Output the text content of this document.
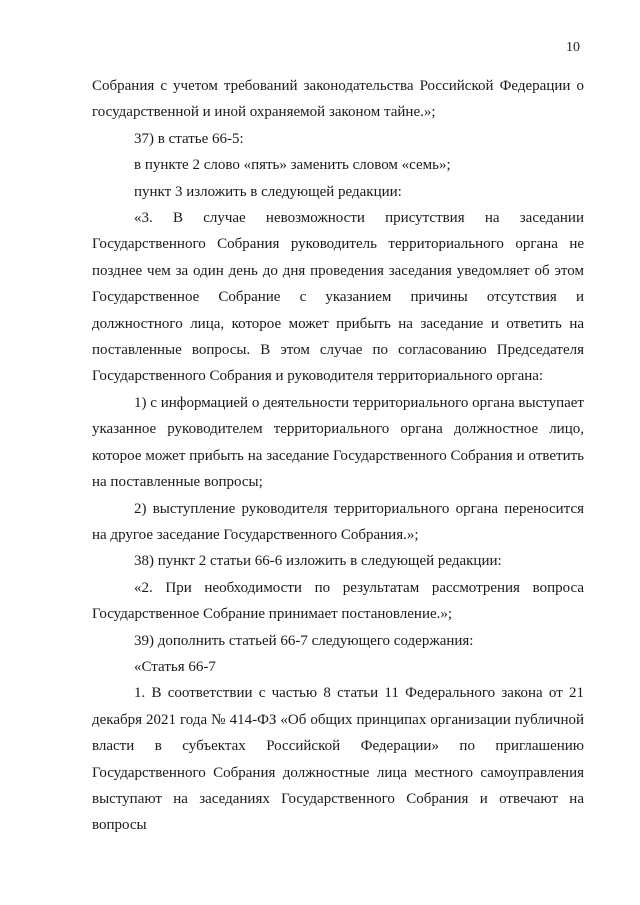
10

Собрания с учетом требований законодательства Российской Федерации о государственной и иной охраняемой законом тайне.»;

37) в статье 66-5:

в пункте 2 слово «пять» заменить словом «семь»;

пункт 3 изложить в следующей редакции:

«3. В случае невозможности присутствия на заседании Государственного Собрания руководитель территориального органа не позднее чем за один день до дня проведения заседания уведомляет об этом Государственное Собрание с указанием причины отсутствия и должностного лица, которое может прибыть на заседание и ответить на поставленные вопросы. В этом случае по согласованию Председателя Государственного Собрания и руководителя территориального органа:

1) с информацией о деятельности территориального органа выступает указанное руководителем территориального органа должностное лицо, которое может прибыть на заседание Государственного Собрания и ответить на поставленные вопросы;

2) выступление руководителя территориального органа переносится на другое заседание Государственного Собрания.»;

38) пункт 2 статьи 66-6 изложить в следующей редакции:

«2. При необходимости по результатам рассмотрения вопроса Государственное Собрание принимает постановление.»;

39) дополнить статьей 66-7 следующего содержания:

«Статья 66-7

1. В соответствии с частью 8 статьи 11 Федерального закона от 21 декабря 2021 года № 414-ФЗ «Об общих принципах организации публичной власти в субъектах Российской Федерации» по приглашению Государственного Собрания должностные лица местного самоуправления выступают на заседаниях Государственного Собрания и отвечают на вопросы
